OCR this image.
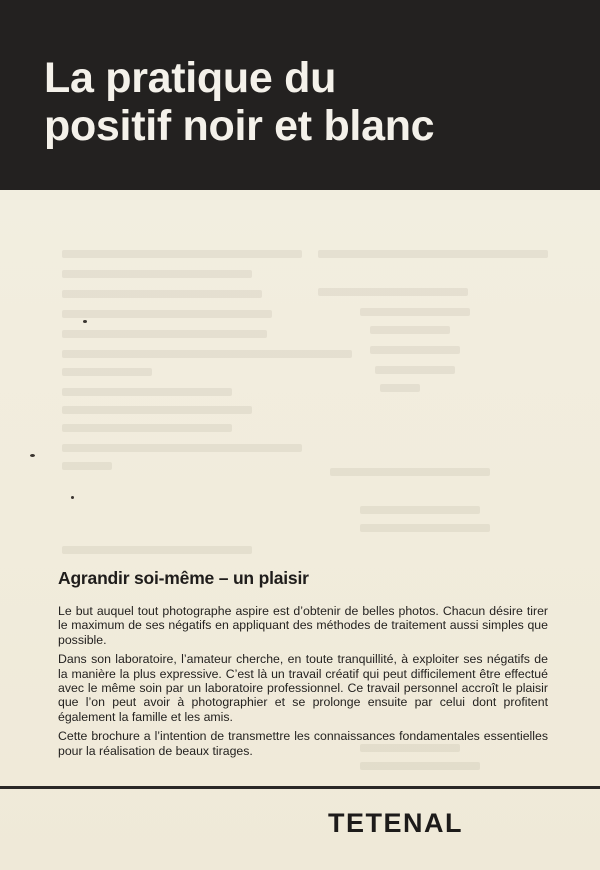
La pratique du
positif noir et blanc
Agrandir soi-même – un plaisir

Le but auquel tout photographe aspire est d’obtenir de belles photos. Chacun désire tirer le maximum de ses négatifs en appliquant des méthodes de traitement aussi simples que possible.

Dans son laboratoire, l’amateur cherche, en toute tranquillité, à exploiter ses négatifs de la manière la plus expressive. C’est là un travail créatif qui peut difficilement être effectué avec le même soin par un laboratoire professionnel. Ce travail personnel accroît le plaisir que l’on peut avoir à photographier et se prolonge ensuite par celui dont profitent également la famille et les amis.

Cette brochure a l’intention de transmettre les connaissances fondamentales essentielles pour la réalisation de beaux tirages.

TETENAL
